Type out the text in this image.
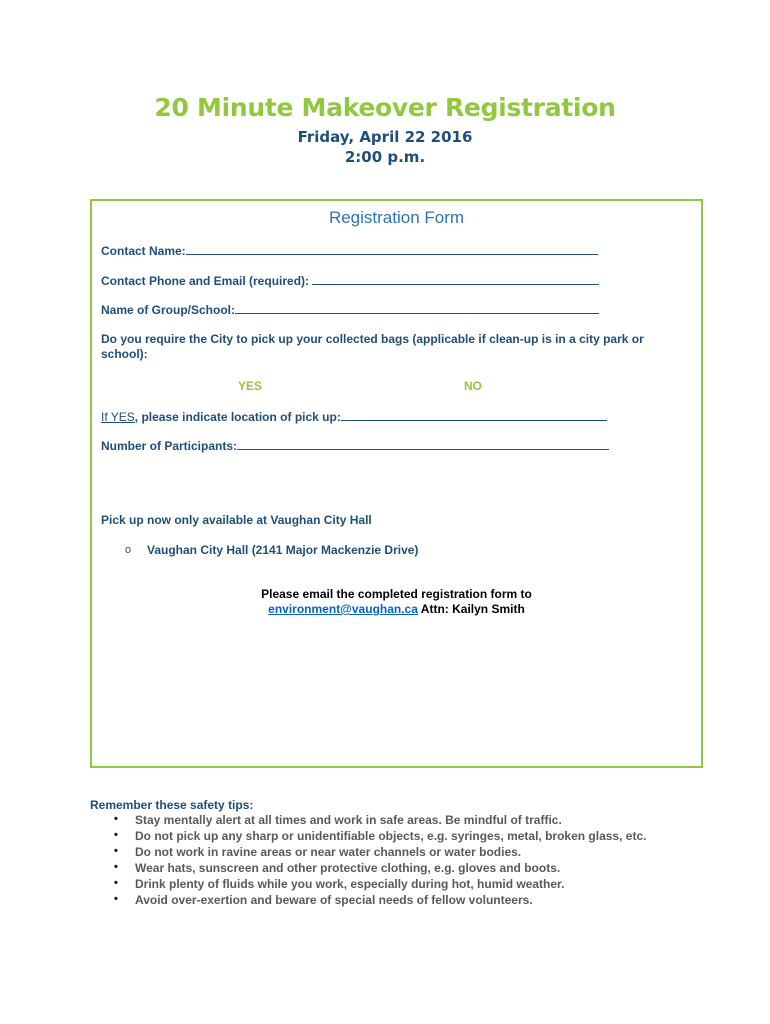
20 Minute Makeover Registration
Friday, April 22 2016
2:00 p.m.
Registration Form
Contact Name:
Contact Phone and Email (required):
Name of Group/School:
Do you require the City to pick up your collected bags (applicable if clean-up is in a city park or school):
YES	NO
If YES, please indicate location of pick up:
Number of Participants:
Pick up now only available at Vaughan City Hall
o Vaughan City Hall (2141 Major Mackenzie Drive)
Please email the completed registration form to
environment@vaughan.ca Attn: Kailyn Smith
Remember these safety tips:
• Stay mentally alert at all times and work in safe areas. Be mindful of traffic.
• Do not pick up any sharp or unidentifiable objects, e.g. syringes, metal, broken glass, etc.
• Do not work in ravine areas or near water channels or water bodies.
• Wear hats, sunscreen and other protective clothing, e.g. gloves and boots.
• Drink plenty of fluids while you work, especially during hot, humid weather.
• Avoid over-exertion and beware of special needs of fellow volunteers.
